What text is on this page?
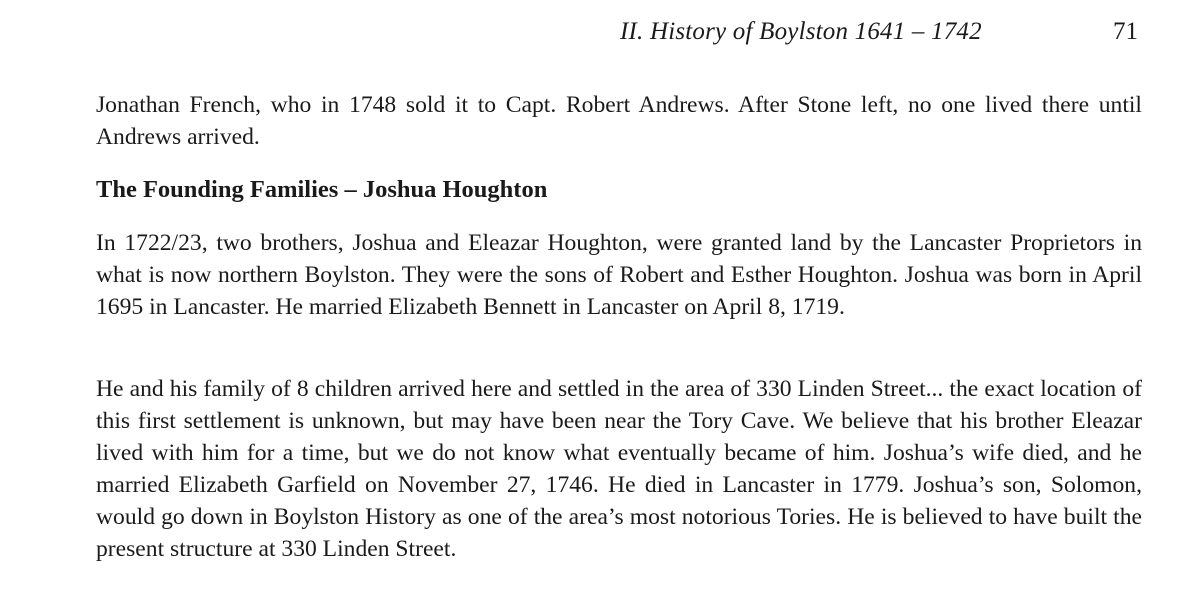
II. History of Boylston 1641 – 1742	71

Jonathan French, who in 1748 sold it to Capt. Robert Andrews. After Stone left, no one lived there until Andrews arrived.

The Founding Families – Joshua Houghton

In 1722/23, two brothers, Joshua and Eleazar Houghton, were granted land by the Lancaster Proprietors in what is now northern Boylston. They were the sons of Robert and Esther Houghton. Joshua was born in April 1695 in Lancaster. He married Elizabeth Bennett in Lancaster on April 8, 1719.

He and his family of 8 children arrived here and settled in the area of 330 Linden Street... the exact location of this first settlement is unknown, but may have been near the Tory Cave. We believe that his brother Eleazar lived with him for a time, but we do not know what eventually became of him. Joshua’s wife died, and he married Elizabeth Garfield on November 27, 1746. He died in Lancaster in 1779. Joshua’s son, Solomon, would go down in Boylston History as one of the area’s most notorious Tories. He is believed to have built the present structure at 330 Linden Street.
